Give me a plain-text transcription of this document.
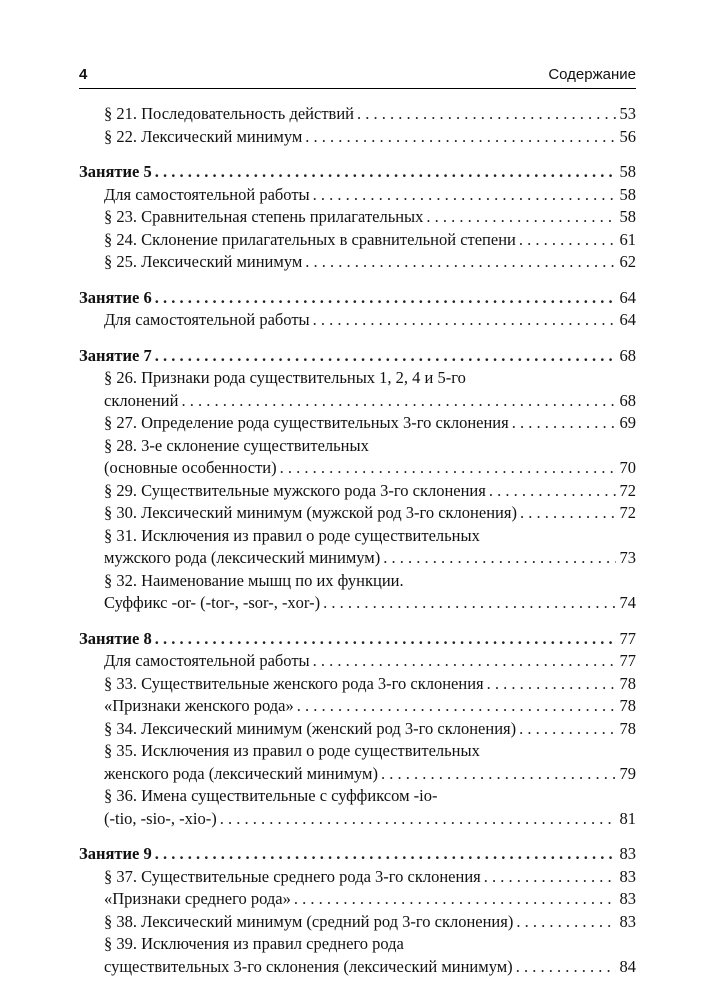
4	Содержание
§ 21. Последовательность действий . . .	53
§ 22. Лексический минимум . . .	56
Занятие 5 . . .	58
Для самостоятельной работы . . .	58
§ 23. Сравнительная степень прилагательных . . .	58
§ 24. Склонение прилагательных в сравнительной степени . . .	61
§ 25. Лексический минимум . . .	62
Занятие 6 . . .	64
Для самостоятельной работы . . .	64
Занятие 7 . . .	68
§ 26. Признаки рода существительных 1, 2, 4 и 5-го
склонений . . .	68
§ 27. Определение рода существительных 3-го склонения . . .	69
§ 28. 3-е склонение существительных
(основные особенности) . . .	70
§ 29. Существительные мужского рода 3-го склонения . . .	72
§ 30. Лексический минимум (мужской род 3-го склонения) . . .	72
§ 31. Исключения из правил о роде существительных
мужского рода (лексический минимум) . . .	73
§ 32. Наименование мышц по их функции.
Суффикс -or- (-tor-, -sor-, -xor-) . . .	74
Занятие 8 . . .	77
Для самостоятельной работы . . .	77
§ 33. Существительные женского рода 3-го склонения . . .	78
«Признаки женского рода» . . .	78
§ 34. Лексический минимум (женский род 3-го склонения) . . .	78
§ 35. Исключения из правил о роде существительных
женского рода (лексический минимум) . . .	79
§ 36. Имена существительные с суффиксом -io-
(-tio, -sio-, -xio-) . . .	81
Занятие 9 . . .	83
§ 37. Существительные среднего рода 3-го склонения . . .	83
«Признаки среднего рода» . . .	83
§ 38. Лексический минимум (средний род 3-го склонения) . . .	83
§ 39. Исключения из правил среднего рода
существительных 3-го склонения (лексический минимум) . . .	84
